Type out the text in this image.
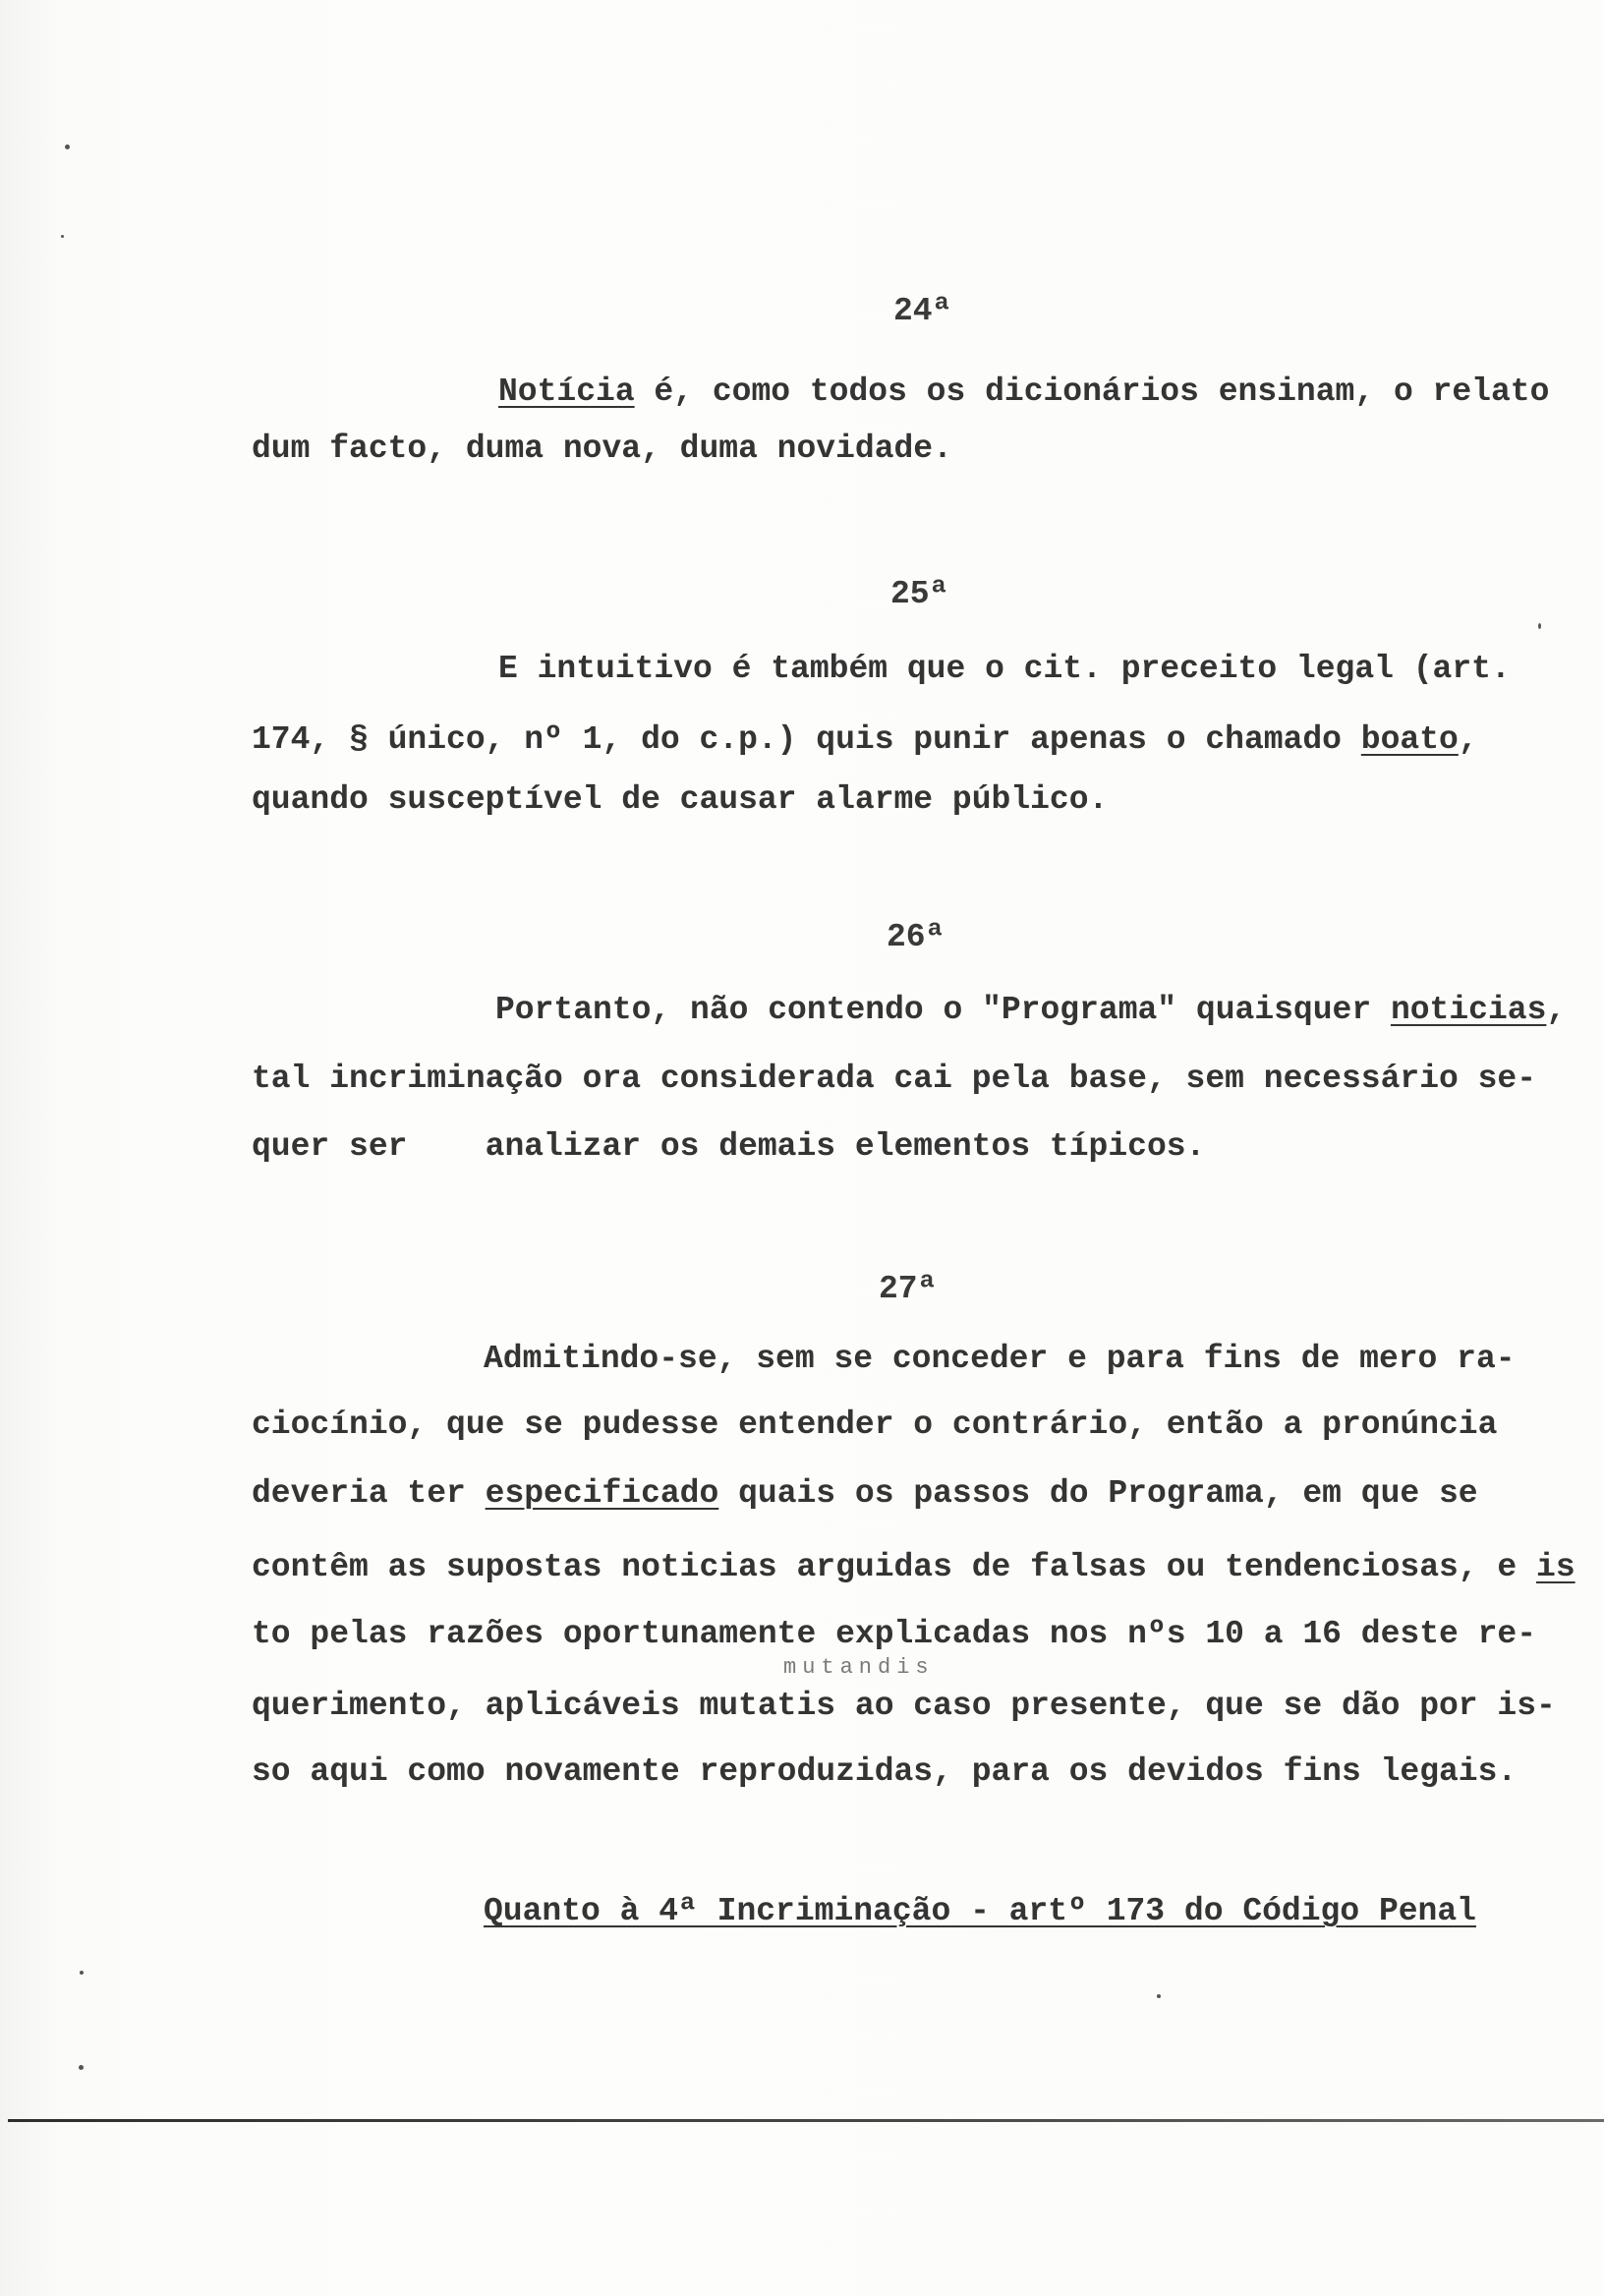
24ª
Notícia é, como todos os dicionários ensinam, o relato
dum facto, duma nova, duma novidade.
25ª
E intuitivo é também que o cit. preceito legal (art.
174, § único, nº 1, do c.p.) quis punir apenas o chamado boato,
quando susceptível de causar alarme público.
26ª
Portanto, não contendo o "Programa" quaisquer noticias,
tal incriminação ora considerada cai pela base, sem necessário se-
quer ser    analizar os demais elementos típicos.
27ª
Admitindo-se, sem se conceder e para fins de mero ra-
ciocínio, que se pudesse entender o contrário, então a pronúncia
deveria ter especificado quais os passos do Programa, em que se
contêm as supostas noticias arguidas de falsas ou tendenciosas, e is
to pelas razões oportunamente explicadas nos nºs 10 a 16 deste re-
mutandis
querimento, aplicáveis mutatis ao caso presente, que se dão por is-
so aqui como novamente reproduzidas, para os devidos fins legais.
Quanto à 4ª Incriminação - artº 173 do Código Penal
